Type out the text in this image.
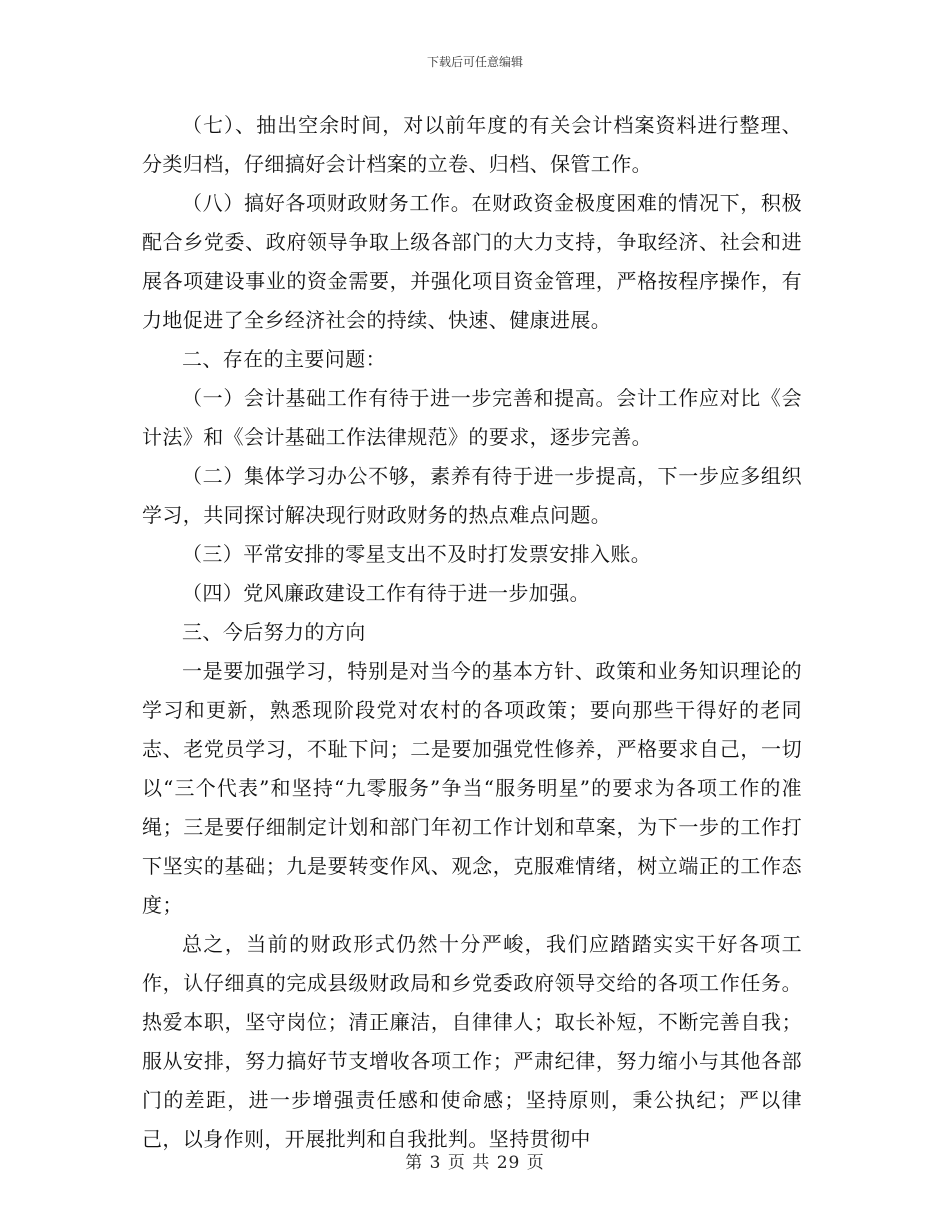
下载后可任意编辑

（七）、抽出空余时间，对以前年度的有关会计档案资料进行整理、分类归档，仔细搞好会计档案的立卷、归档、保管工作。

（八）搞好各项财政财务工作。在财政资金极度困难的情况下，积极配合乡党委、政府领导争取上级各部门的大力支持，争取经济、社会和进展各项建设事业的资金需要，并强化项目资金管理，严格按程序操作，有力地促进了全乡经济社会的持续、快速、健康进展。

二、存在的主要问题：

（一）会计基础工作有待于进一步完善和提高。会计工作应对比《会计法》和《会计基础工作法律规范》的要求，逐步完善。

（二）集体学习办公不够，素养有待于进一步提高，下一步应多组织学习，共同探讨解决现行财政财务的热点难点问题。

（三）平常安排的零星支出不及时打发票安排入账。

（四）党风廉政建设工作有待于进一步加强。

三、今后努力的方向

一是要加强学习，特别是对当今的基本方针、政策和业务知识理论的学习和更新，熟悉现阶段党对农村的各项政策；要向那些干得好的老同志、老党员学习，不耻下问；二是要加强党性修养，严格要求自己，一切以“三个代表”和坚持“九零服务”争当“服务明星”的要求为各项工作的准绳；三是要仔细制定计划和部门年初工作计划和草案，为下一步的工作打下坚实的基础；九是要转变作风、观念，克服难情绪，树立端正的工作态度；

总之，当前的财政形式仍然十分严峻，我们应踏踏实实干好各项工作，认仔细真的完成县级财政局和乡党委政府领导交给的各项工作任务。热爱本职，坚守岗位；清正廉洁，自律律人；取长补短，不断完善自我；服从安排，努力搞好节支增收各项工作；严肃纪律，努力缩小与其他各部门的差距，进一步增强责任感和使命感；坚持原则，秉公执纪；严以律己，以身作则，开展批判和自我批判。坚持贯彻中

第 3 页 共 29 页
